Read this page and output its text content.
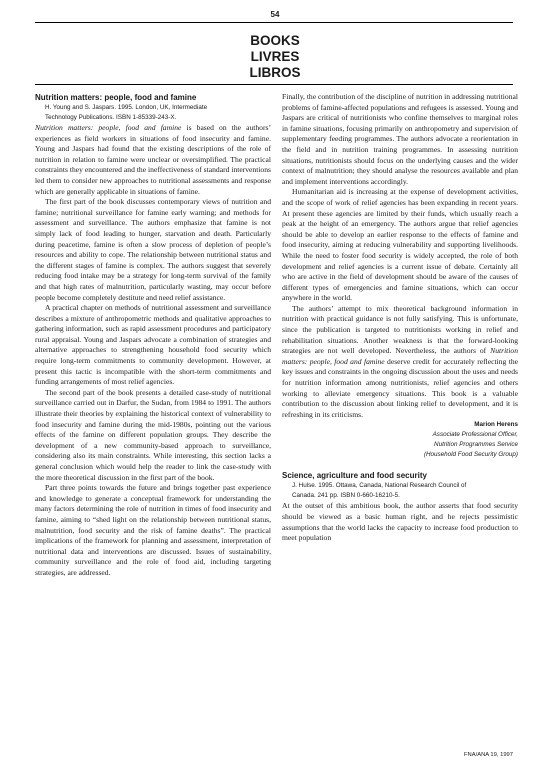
54
BOOKS
LIVRES
LIBROS

Nutrition matters: people, food and famine

H. Young and S. Jaspars. 1995. London, UK, Intermediate

Technology Publications. ISBN 1-85339-243-X.

Nutrition matters: people, food and famine is based on the authors’ experiences as field workers in situations of food insecurity and famine. Young and Jaspars had found that the existing descriptions of the role of nutrition in relation to famine were unclear or oversimplified. The practical constraints they encountered and the ineffectiveness of standard interventions led them to consider new approaches to nutritional assessments and response which are generally applicable in situations of famine.

The first part of the book discusses contemporary views of nutrition and famine; nutritional surveillance for famine early warning; and methods for assessment and surveillance. The authors emphasize that famine is not simply lack of food leading to hunger, starvation and death. Particularly during peacetime, famine is often a slow process of depletion of people’s resources and ability to cope. The relationship between nutritional status and the different stages of famine is complex. The authors suggest that severely reducing food intake may be a strategy for long-term survival of the family and that high rates of malnutrition, particularly wasting, may occur before people become completely destitute and need relief assistance.

A practical chapter on methods of nutritional assessment and surveillance describes a mixture of anthropometric methods and qualitative approaches to gathering information, such as rapid assessment procedures and participatory rural appraisal. Young and Jaspars advocate a combination of strategies and alternative approaches to strengthening household food security which require long-term commitments to community development. However, at present this tactic is incompatible with the short-term commitments and funding arrangements of most relief agencies.

The second part of the book presents a detailed case-study of nutritional surveillance carried out in Darfur, the Sudan, from 1984 to 1991. The authors illustrate their theories by explaining the historical context of vulnerability to food insecurity and famine during the mid-1980s, pointing out the various effects of the famine on different population groups. They describe the development of a new community-based approach to surveillance, considering also its main constraints. While interesting, this section lacks a general conclusion which would help the reader to link the case-study with the more theoretical discussion in the first part of the book.

Part three points towards the future and brings together past experience and knowledge to generate a conceptual framework for understanding the many factors determining the role of nutrition in times of food insecurity and famine, aiming to “shed light on the relationship between nutritional status, malnutrition, food security and the risk of famine deaths”. The practical implications of the framework for planning and assessment, interpretation of nutritional data and interventions are discussed. Issues of sustainability, community surveillance and the role of food aid, including targeting strategies, are addressed.

Finally, the contribution of the discipline of nutrition in addressing nutritional problems of famine-affected populations and refugees is assessed. Young and Jaspars are critical of nutritionists who confine themselves to marginal roles in famine situations, focusing primarily on anthropometry and supervision of supplementary feeding programmes. The authors advocate a reorientation in the field and in nutrition training programmes. In assessing nutrition situations, nutritionists should focus on the underlying causes and the wider context of malnutrition; they should analyse the resources available and plan and implement interventions accordingly.

Humanitarian aid is increasing at the expense of development activities, and the scope of work of relief agencies has been expanding in recent years. At present these agencies are limited by their funds, which usually reach a peak at the height of an emergency. The authors argue that relief agencies should be able to develop an earlier response to the effects of famine and food insecurity, aiming at reducing vulnerability and supporting livelihoods. While the need to foster food security is widely accepted, the role of both development and relief agencies is a current issue of debate. Certainly all who are active in the field of development should be aware of the causes of different types of emergencies and famine situations, which can occur anywhere in the world.

The authors’ attempt to mix theoretical background information in nutrition with practical guidance is not fully satisfying. This is unfortunate, since the publication is targeted to nutritionists working in relief and rehabilitation situations. Another weakness is that the forward-looking strategies are not well developed. Nevertheless, the authors of Nutrition matters: people, food and famine deserve credit for accurately reflecting the key issues and constraints in the ongoing discussion about the uses and needs for nutrition information among nutritionists, relief agencies and others working to alleviate emergency situations. This book is a valuable contribution to the discussion about linking relief to development, and it is refreshing in its criticisms.

Marion Herens
Associate Professional Officer,
Nutrition Programmes Service
(Household Food Security Group)

Science, agriculture and food security

J. Hulse. 1995. Ottawa, Canada, National Research Council of

Canada. 241 pp. ISBN 0-660-16210-5.

At the outset of this ambitious book, the author asserts that food security should be viewed as a basic human right, and he rejects pessimistic assumptions that the world lacks the capacity to increase food production to meet population

FNA/ANA 19, 1997
